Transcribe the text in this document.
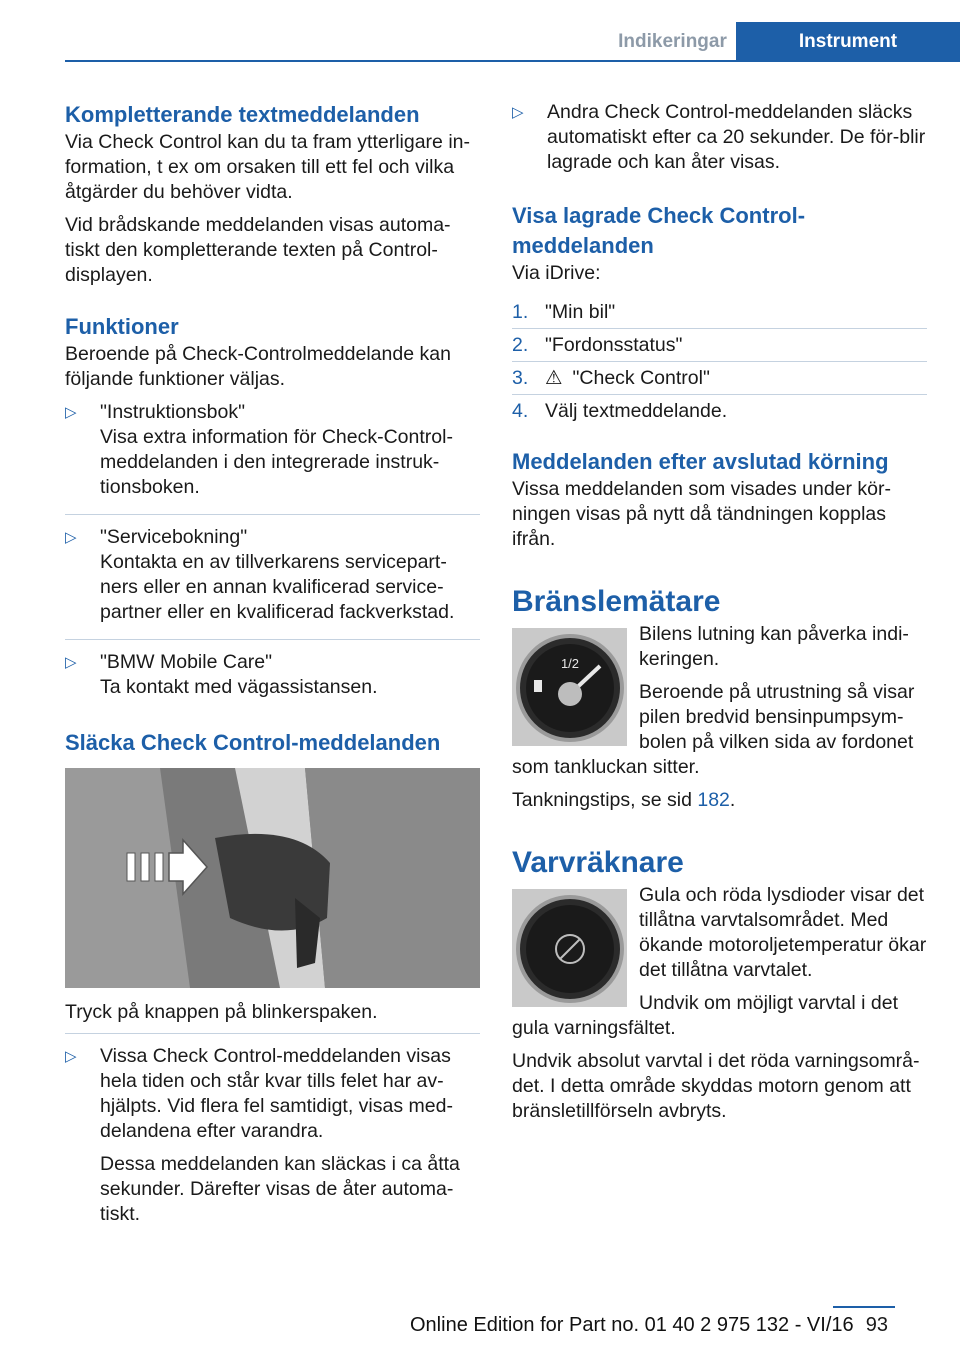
Indikeringar	Instrument
Kompletterande textmeddelanden

Via Check Control kan du ta fram ytterligare in-formation, t ex om orsaken till ett fel och vilka åtgärder du behöver vidta.

Vid brådskande meddelanden visas automa-tiskt den kompletterande texten på Control-displayen.

Funktioner

Beroende på Check-Controlmeddelande kan följande funktioner väljas.

▷	"Instruktionsbok"

Visa extra information för Check-Control-meddelanden i den integrerade instruk-tionsboken.

▷	"Servicebokning"

Kontakta en av tillverkarens servicepart-ners eller en annan kvalificerad service-partner eller en kvalificerad fackverkstad.

▷	"BMW Mobile Care"

Ta kontakt med vägassistansen.

Släcka Check Control-meddelanden

Tryck på knappen på blinkerspaken.

▷	Vissa Check Control-meddelanden visas hela tiden och står kvar tills felet har av-hjälpts. Vid flera fel samtidigt, visas med-delandena efter varandra.

Dessa meddelanden kan släckas i ca åtta sekunder. Därefter visas de åter automa-tiskt.

▷	Andra Check Control-meddelanden släcks automatiskt efter ca 20 sekunder. De för-blir lagrade och kan åter visas.

Visa lagrade Check Control-meddelanden

Via iDrive:

1. "Min bil"
2. "Fordonsstatus"
3. ⚠ "Check Control"
4. Välj textmeddelande.
Meddelanden efter avslutad körning

Vissa meddelanden som visades under kör-ningen visas på nytt då tändningen kopplas ifrån.

Bränslemätare
1/2

Bilens lutning kan påverka indi-keringen.

Beroende på utrustning så visar pilen bredvid bensinpumpsym-bolen på vilken sida av fordonet som tankluckan sitter.

Tankningstips, se sid 182.

Varvräknare

Gula och röda lysdioder visar det tillåtna varvtalsområdet. Med ökande motoroljetemperatur ökar det tillåtna varvtalet.

Undvik om möjligt varvtal i det gula varningsfältet.

Undvik absolut varvtal i det röda varningsområ-det. I detta område skyddas motorn genom att bränsletillförseln avbryts.

93
Online Edition for Part no. 01 40 2 975 132 - VI/16
